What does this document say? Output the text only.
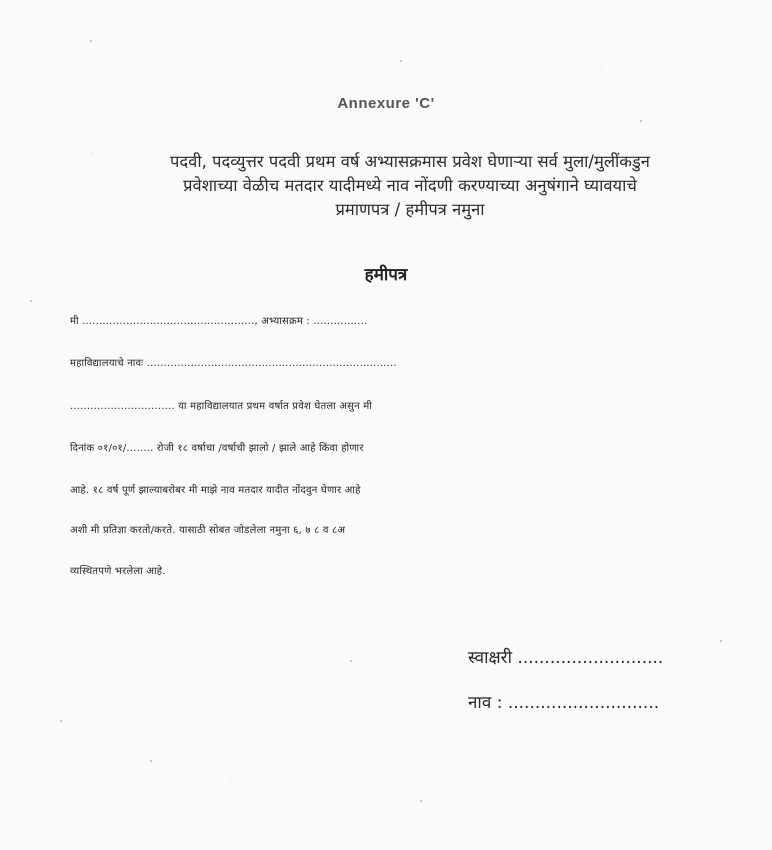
Annexure 'C'
पदवी, पदव्युत्तर पदवी प्रथम वर्ष अभ्यासक्रमास प्रवेश घेणाऱ्या सर्व मुला/मुलींकडुन
प्रवेशाच्या वेळीच मतदार यादीमध्ये नाव नोंदणी करण्याच्या अनुषंगाने घ्यावयाचे
प्रमाणपत्र / हमीपत्र नमुना
हमीपत्र
मी ..................................................., अभ्यासक्रम : ................
महाविद्यालयाचे नावः ..........................................................................
............................... या महाविद्यालयात प्रथम वर्षात प्रवेश घेतला असुन मी
दिनांक ०१/०१/........ रोजी १८ वर्षाचा /वर्षाची झालो / झाले आहे किंवा होणार
आहे. १८ वर्ष पूर्ण झाल्याबरोबर मी माझे नाव मतदार यादीत नोंदवुन घेणार आहे
अशी मी प्रतिज्ञा करतो/करते. यासाठी सोबत जोडलेला नमुना ६, ७ ८ व ८अ
व्यस्थितपणे भरलेला आहे.
स्वाक्षरी ...........................
नाव : ............................
